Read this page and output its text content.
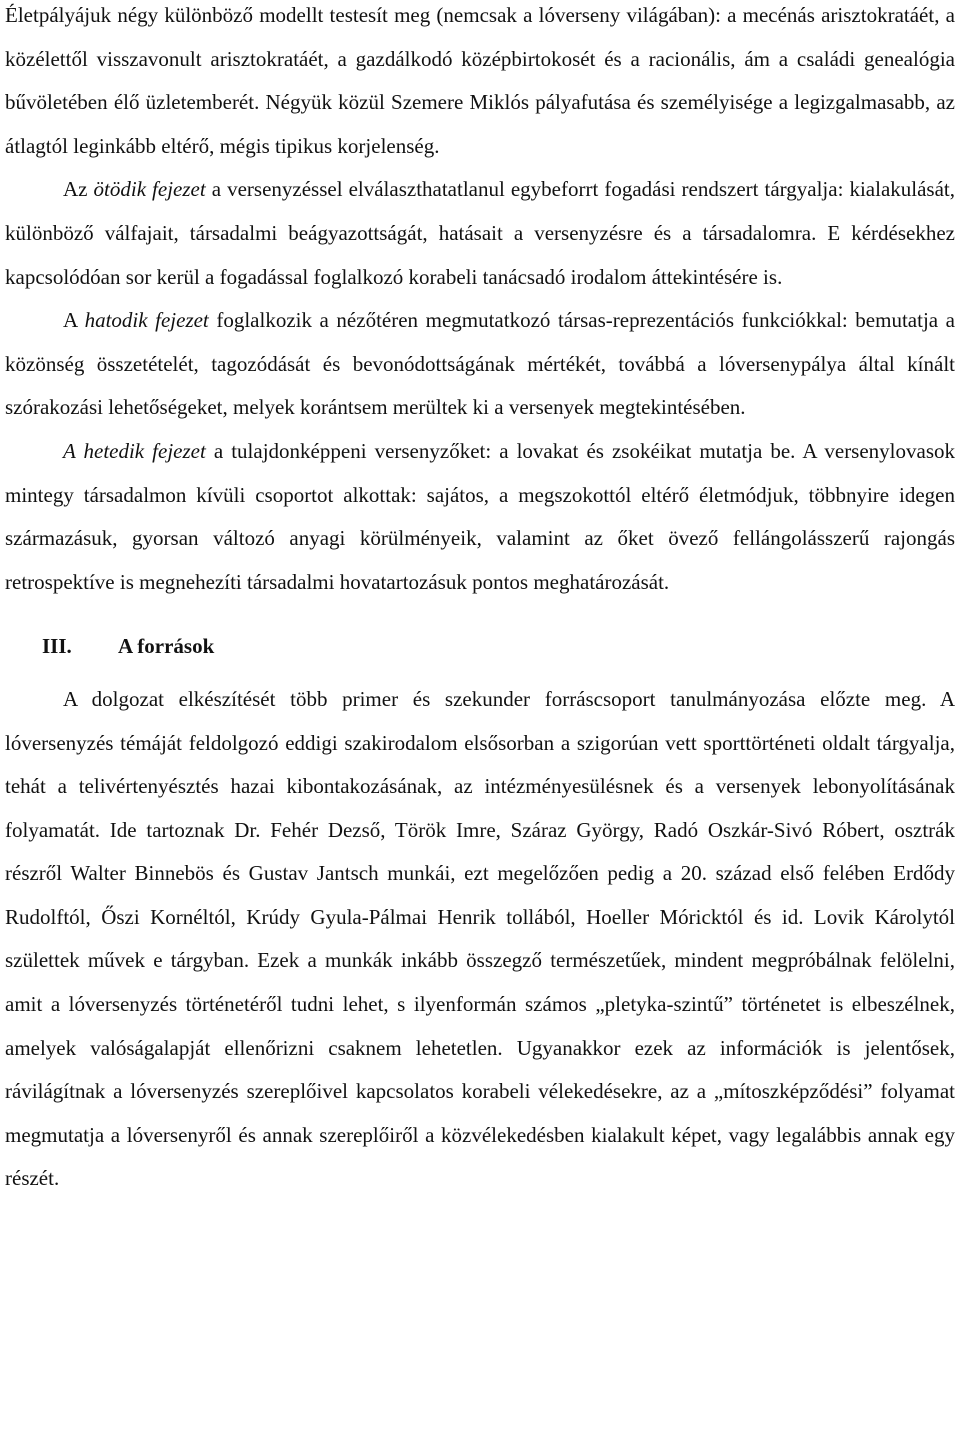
Életpályájuk négy különböző modellt testesít meg (nemcsak a lóverseny világában): a mecénás arisztokratáét, a közélettől visszavonult arisztokratáét, a gazdálkodó középbirtokosét és a racionális, ám a családi genealógia bűvöletében élő üzletemberét. Négyük közül Szemere Miklós pályafutása és személyisége a legizgalmasabb, az átlagtól leginkább eltérő, mégis tipikus korjelenség.

Az ötödik fejezet a versenyzéssel elválaszthatatlanul egybeforrt fogadási rendszert tárgyalja: kialakulását, különböző válfajait, társadalmi beágyazottságát, hatásait a versenyzésre és a társadalomra. E kérdésekhez kapcsolódóan sor kerül a fogadással foglalkozó korabeli tanácsadó irodalom áttekintésére is.

A hatodik fejezet foglalkozik a nézőtéren megmutatkozó társas-reprezentációs funkciókkal: bemutatja a közönség összetételét, tagozódását és bevonódottságának mértékét, továbbá a lóversenypálya által kínált szórakozási lehetőségeket, melyek korántsem merültek ki a versenyek megtekintésében.

A hetedik fejezet a tulajdonképpeni versenyzőket: a lovakat és zsokéikat mutatja be. A versenylovasok mintegy társadalmon kívüli csoportot alkottak: sajátos, a megszokottól eltérő életmódjuk, többnyire idegen származásuk, gyorsan változó anyagi körülményeik, valamint az őket övező fellángolásszerű rajongás retrospektíve is megnehezíti társadalmi hovatartozásuk pontos meghatározását.

III. A források

A dolgozat elkészítését több primer és szekunder forráscsoport tanulmányozása előzte meg. A lóversenyzés témáját feldolgozó eddigi szakirodalom elsősorban a szigorúan vett sporttörténeti oldalt tárgyalja, tehát a telivértenyésztés hazai kibontakozásának, az intézményesülésnek és a versenyek lebonyolításának folyamatát. Ide tartoznak Dr. Fehér Dezső, Török Imre, Száraz György, Radó Oszkár-Sivó Róbert, osztrák részről Walter Binnebös és Gustav Jantsch munkái, ezt megelőzően pedig a 20. század első felében Erdődy Rudolftól, Őszi Kornéltól, Krúdy Gyula-Pálmai Henrik tollából, Hoeller Móricktól és id. Lovik Károlytól születtek művek e tárgyban. Ezek a munkák inkább összegző természetűek, mindent megpróbálnak felölelni, amit a lóversenyzés történetéről tudni lehet, s ilyenformán számos „pletyka-szintű” történetet is elbeszélnek, amelyek valóságalapját ellenőrizni csaknem lehetetlen. Ugyanakkor ezek az információk is jelentősek, rávilágítnak a lóversenyzés szereplőivel kapcsolatos korabeli vélekedésekre, az a „mítoszképződési” folyamat megmutatja a lóversenyről és annak szereplőiről a közvélekedésben kialakult képet, vagy legalábbis annak egy részét.
